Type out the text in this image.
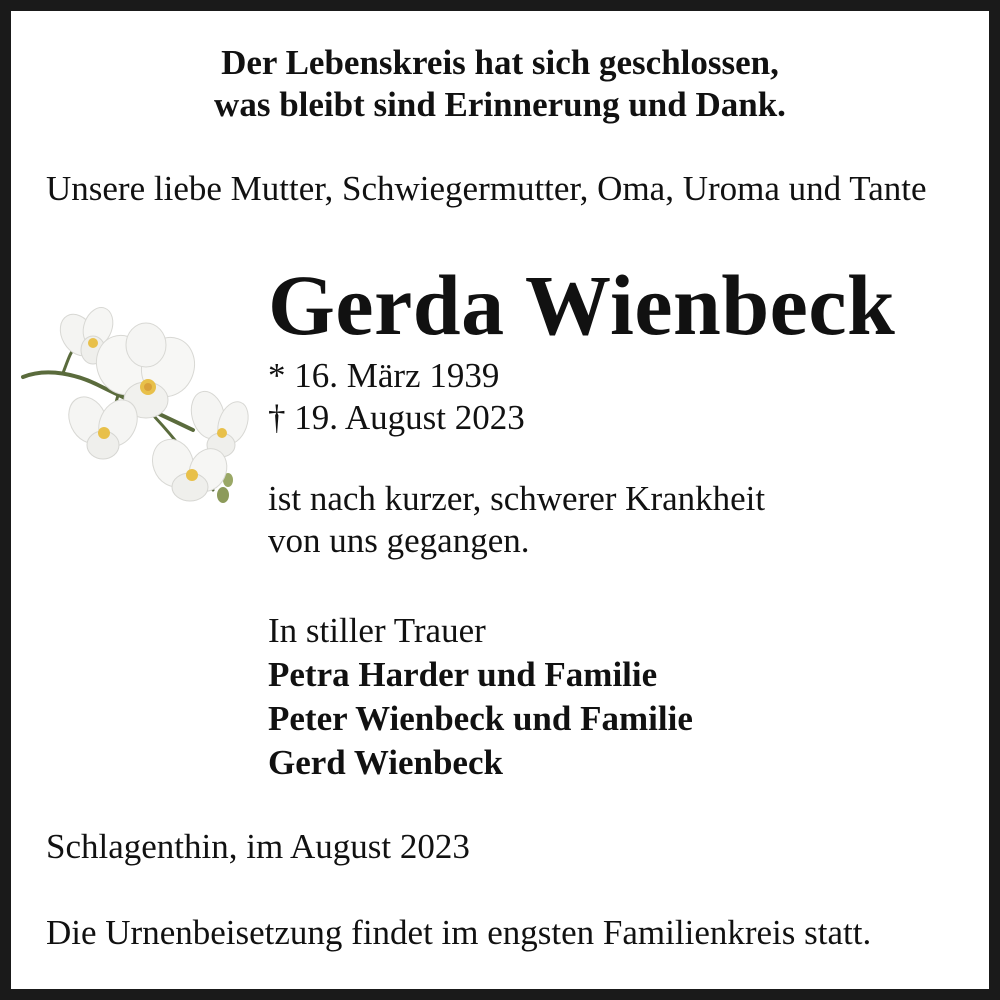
Der Lebenskreis hat sich geschlossen,
was bleibt sind Erinnerung und Dank.
Unsere liebe Mutter, Schwiegermutter, Oma, Uroma und Tante
Gerda Wienbeck
* 16. März 1939
† 19. August 2023
ist nach kurzer, schwerer Krankheit
von uns gegangen.
In stiller Trauer
Petra Harder und Familie
Peter Wienbeck und Familie
Gerd Wienbeck
Schlagenthin, im August 2023
Die Urnenbeisetzung findet im engsten Familienkreis statt.
